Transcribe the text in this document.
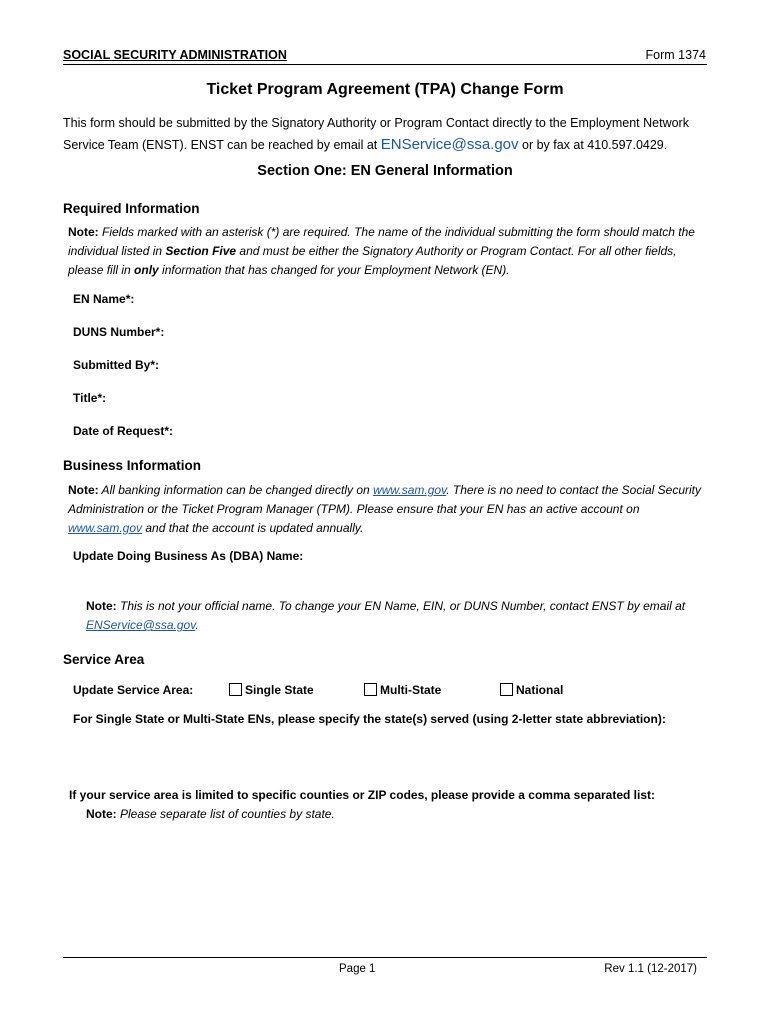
SOCIAL SECURITY ADMINISTRATION	Form 1374
Ticket Program Agreement (TPA) Change Form
This form should be submitted by the Signatory Authority or Program Contact directly to the Employment Network Service Team (ENST). ENST can be reached by email at ENService@ssa.gov or by fax at 410.597.0429.
Section One: EN General Information
Required Information
Note: Fields marked with an asterisk (*) are required. The name of the individual submitting the form should match the individual listed in Section Five and must be either the Signatory Authority or Program Contact. For all other fields, please fill in only information that has changed for your Employment Network (EN).
EN Name*:
DUNS Number*:
Submitted By*:
Title*:
Date of Request*:
Business Information
Note: All banking information can be changed directly on www.sam.gov. There is no need to contact the Social Security Administration or the Ticket Program Manager (TPM). Please ensure that your EN has an active account on www.sam.gov and that the account is updated annually.
Update Doing Business As (DBA) Name:
Note: This is not your official name. To change your EN Name, EIN, or DUNS Number, contact ENST by email at ENService@ssa.gov.
Service Area
Update Service Area:	Single State	Multi-State	National
For Single State or Multi-State ENs, please specify the state(s) served (using 2-letter state abbreviation):
If your service area is limited to specific counties or ZIP codes, please provide a comma separated list:
Note: Please separate list of counties by state.
Page 1	Rev 1.1 (12-2017)
